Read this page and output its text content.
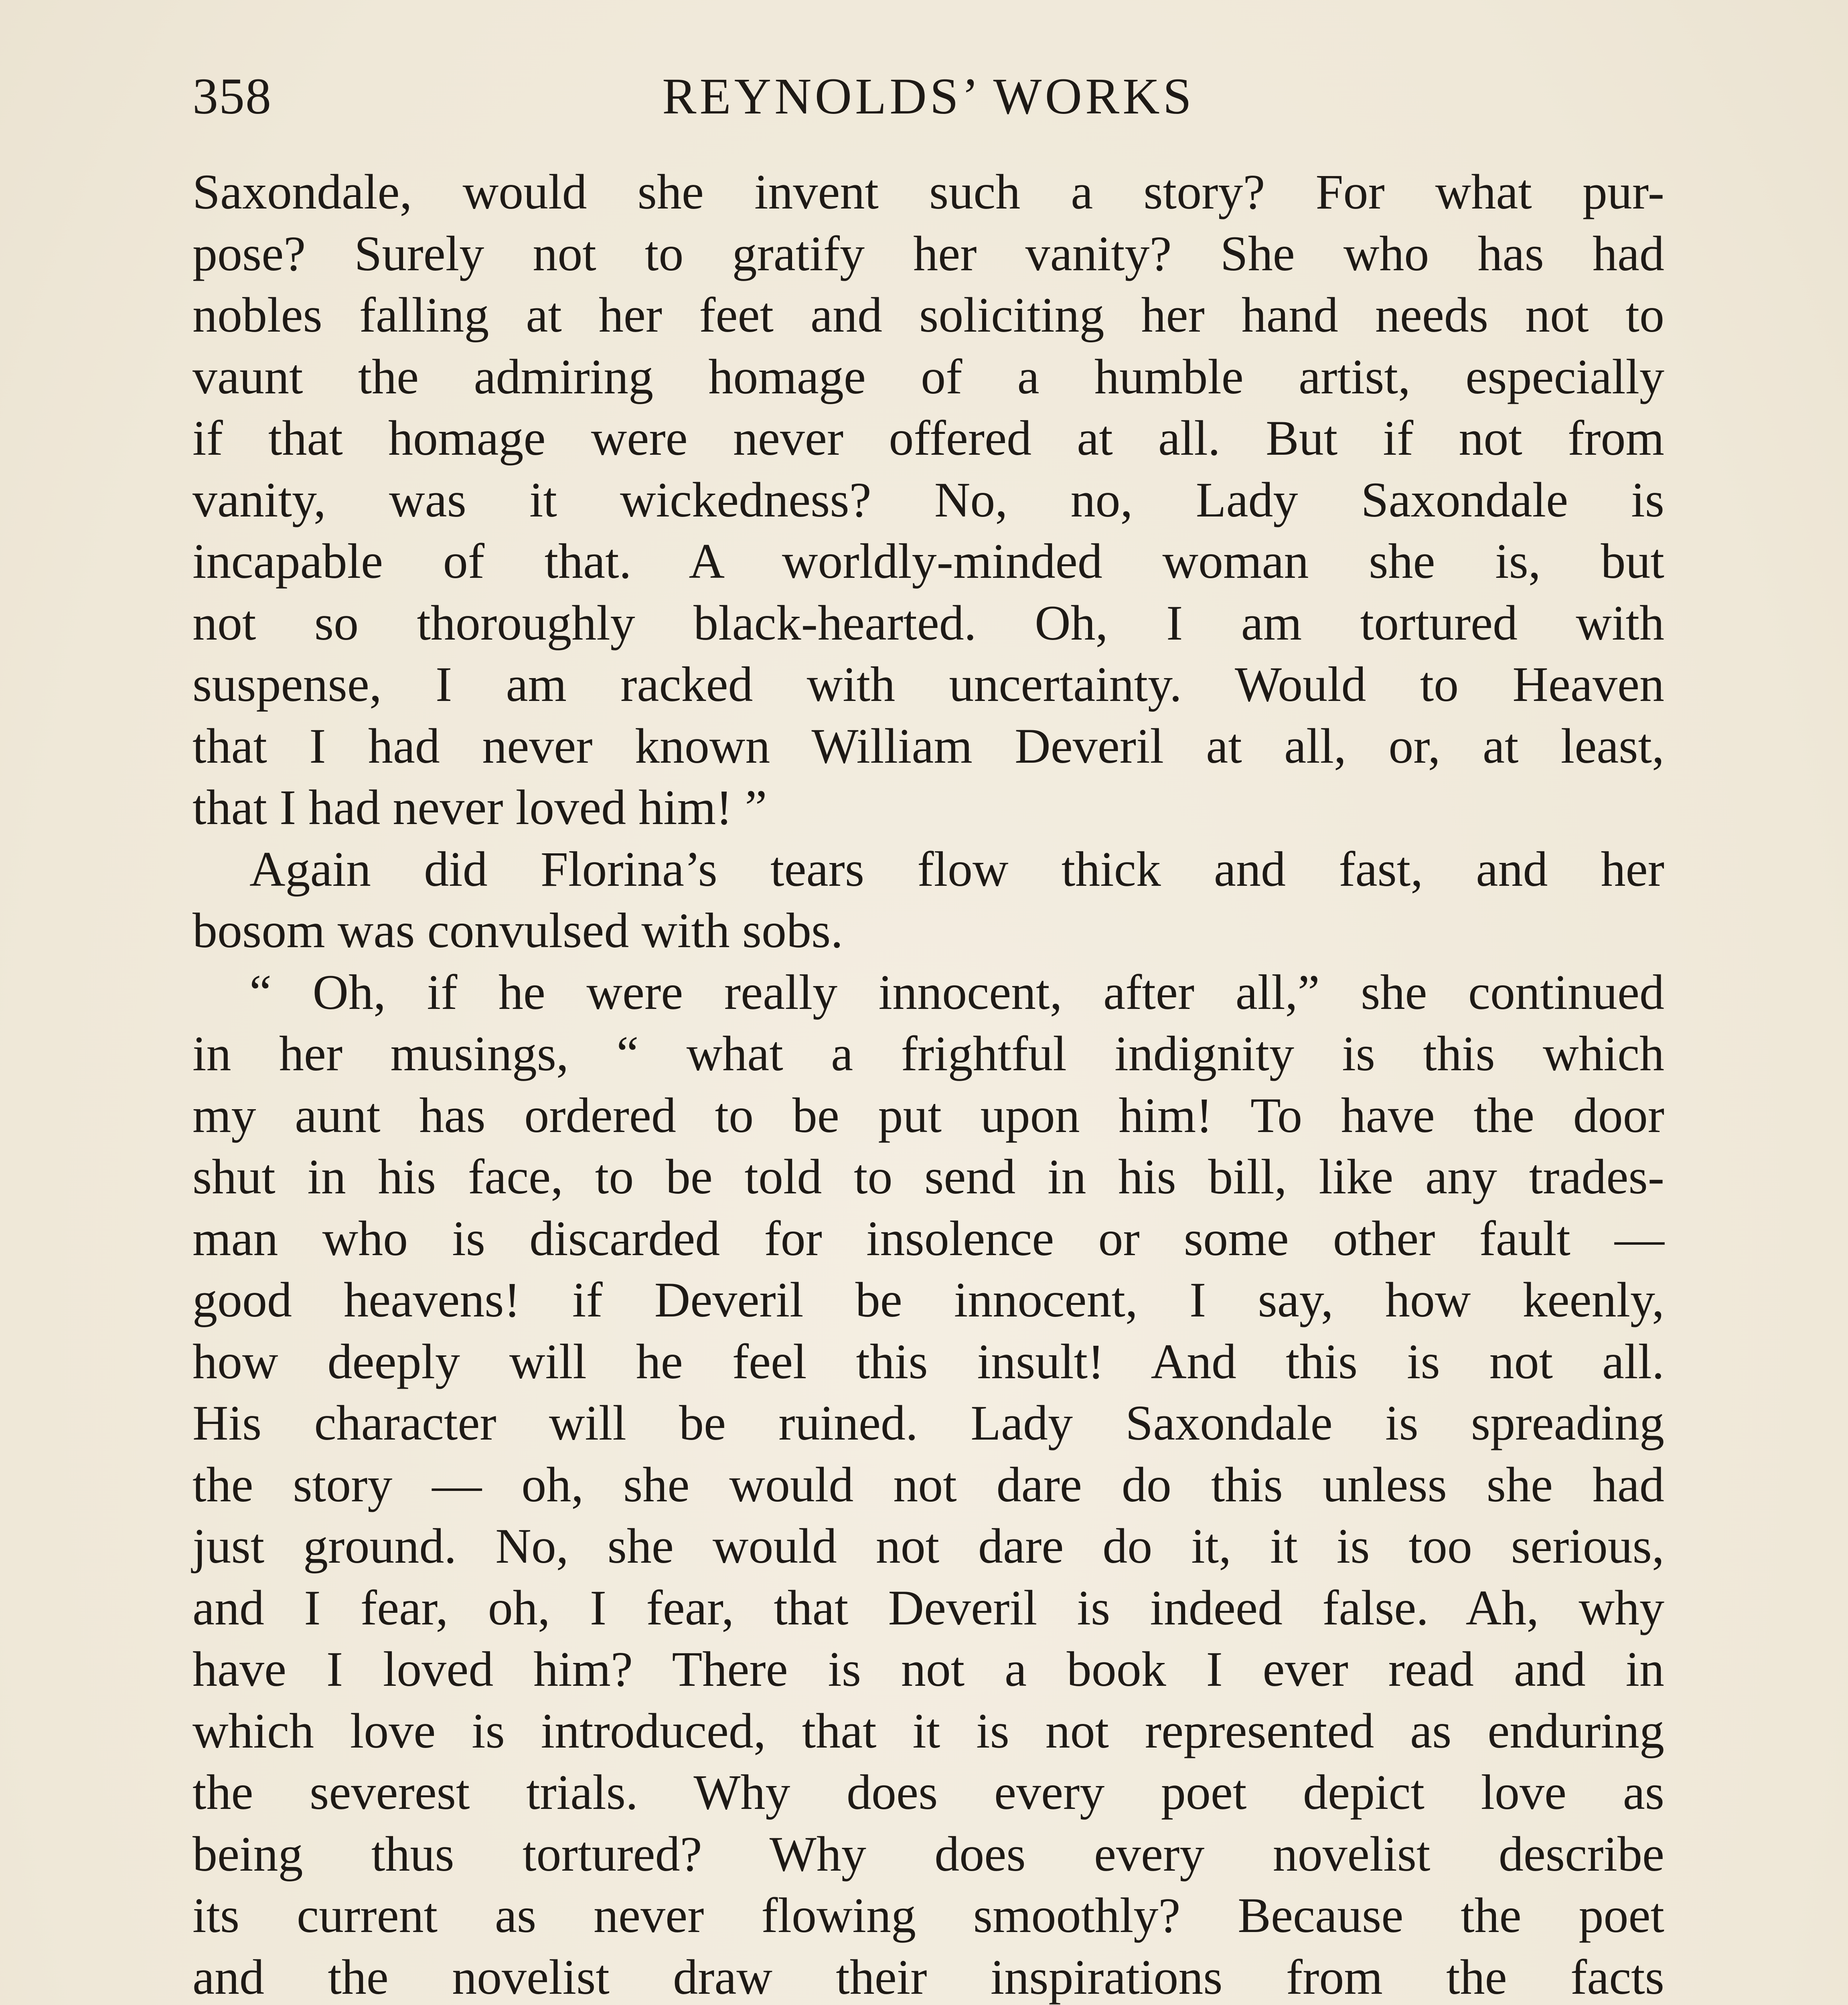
358	REYNOLDS’ WORKS
Saxondale, would she invent such a story? For what pur-
pose? Surely not to gratify her vanity? She who has had
nobles falling at her feet and soliciting her hand needs not to
vaunt the admiring homage of a humble artist, especially
if that homage were never offered at all. But if not from
vanity, was it wickedness? No, no, Lady Saxondale is
incapable of that. A worldly-minded woman she is, but
not so thoroughly black-hearted. Oh, I am tortured with
suspense, I am racked with uncertainty. Would to Heaven
that I had never known William Deveril at all, or, at least,
that I had never loved him! ”
Again did Florina’s tears flow thick and fast, and her
bosom was convulsed with sobs.
“ Oh, if he were really innocent, after all,” she continued
in her musings, “ what a frightful indignity is this which
my aunt has ordered to be put upon him! To have the door
shut in his face, to be told to send in his bill, like any trades-
man who is discarded for insolence or some other fault —
good heavens! if Deveril be innocent, I say, how keenly,
how deeply will he feel this insult! And this is not all.
His character will be ruined. Lady Saxondale is spreading
the story — oh, she would not dare do this unless she had
just ground. No, she would not dare do it, it is too serious,
and I fear, oh, I fear, that Deveril is indeed false. Ah, why
have I loved him? There is not a book I ever read and in
which love is introduced, that it is not represented as enduring
the severest trials. Why does every poet depict love as
being thus tortured? Why does every novelist describe
its current as never flowing smoothly? Because the poet
and the novelist draw their inspirations from the facts
